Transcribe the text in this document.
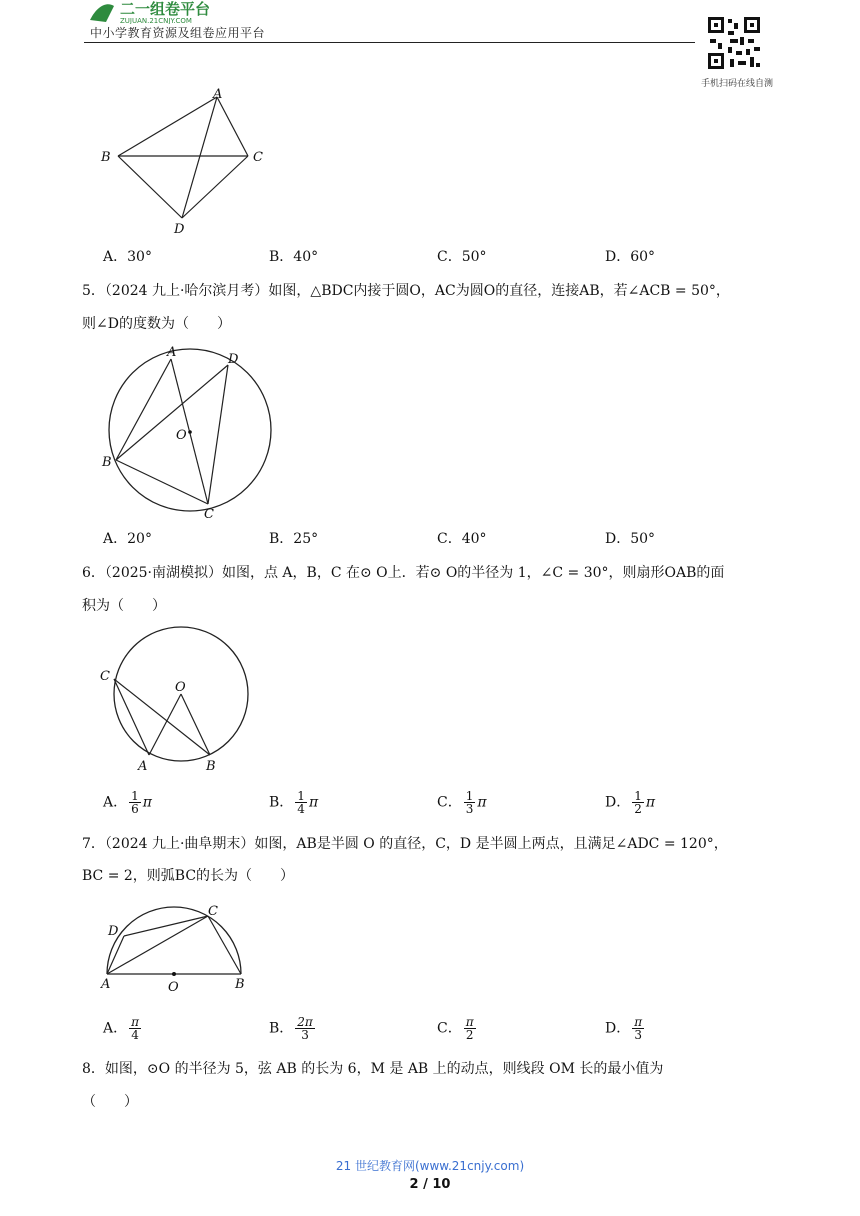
二一组卷平台
ZUJUAN.21CNJY.COM
中小学教育资源及组卷应用平台
手机扫码在线自测
A
B	C
D
A．30°	B．40°	C．50°	D．60°
5．（2024 九上·哈尔滨月考）如图，△BDC内接于圆O，AC为圆O的直径，连接AB，若∠ACB = 50°，
则∠D的度数为（　　）
A	D
O
B
C
A．20°	B．25°	C．40°	D．50°
6．（2025·南湖模拟）如图，点 A，B，C 在⊙ O上．若⊙ O的半径为 1，∠C = 30°，则扇形OAB的面
积为（　　）
C
O
A	B
A． $\frac{1}{6}$ π	B． $\frac{1}{4}$ π	C． $\frac{1}{3}$ π	D． $\frac{1}{2}$ π
7．（2024 九上·曲阜期末）如图，AB是半圆 O 的直径，C，D 是半圆上两点，且满足∠ADC = 120°，
BC = 2，则弧BC的长为（　　）
D
C
A	O	B
A． $\frac{\pi}{4}$	B． $\frac{2\pi}{3}$	C． $\frac{\pi}{2}$	D． $\frac{\pi}{3}$
8．如图，⊙O 的半径为 5，弦 AB 的长为 6，M 是 AB 上的动点，则线段 OM 长的最小值为
（　　）
21 世纪教育网(www.21cnjy.com)
2 / 10
